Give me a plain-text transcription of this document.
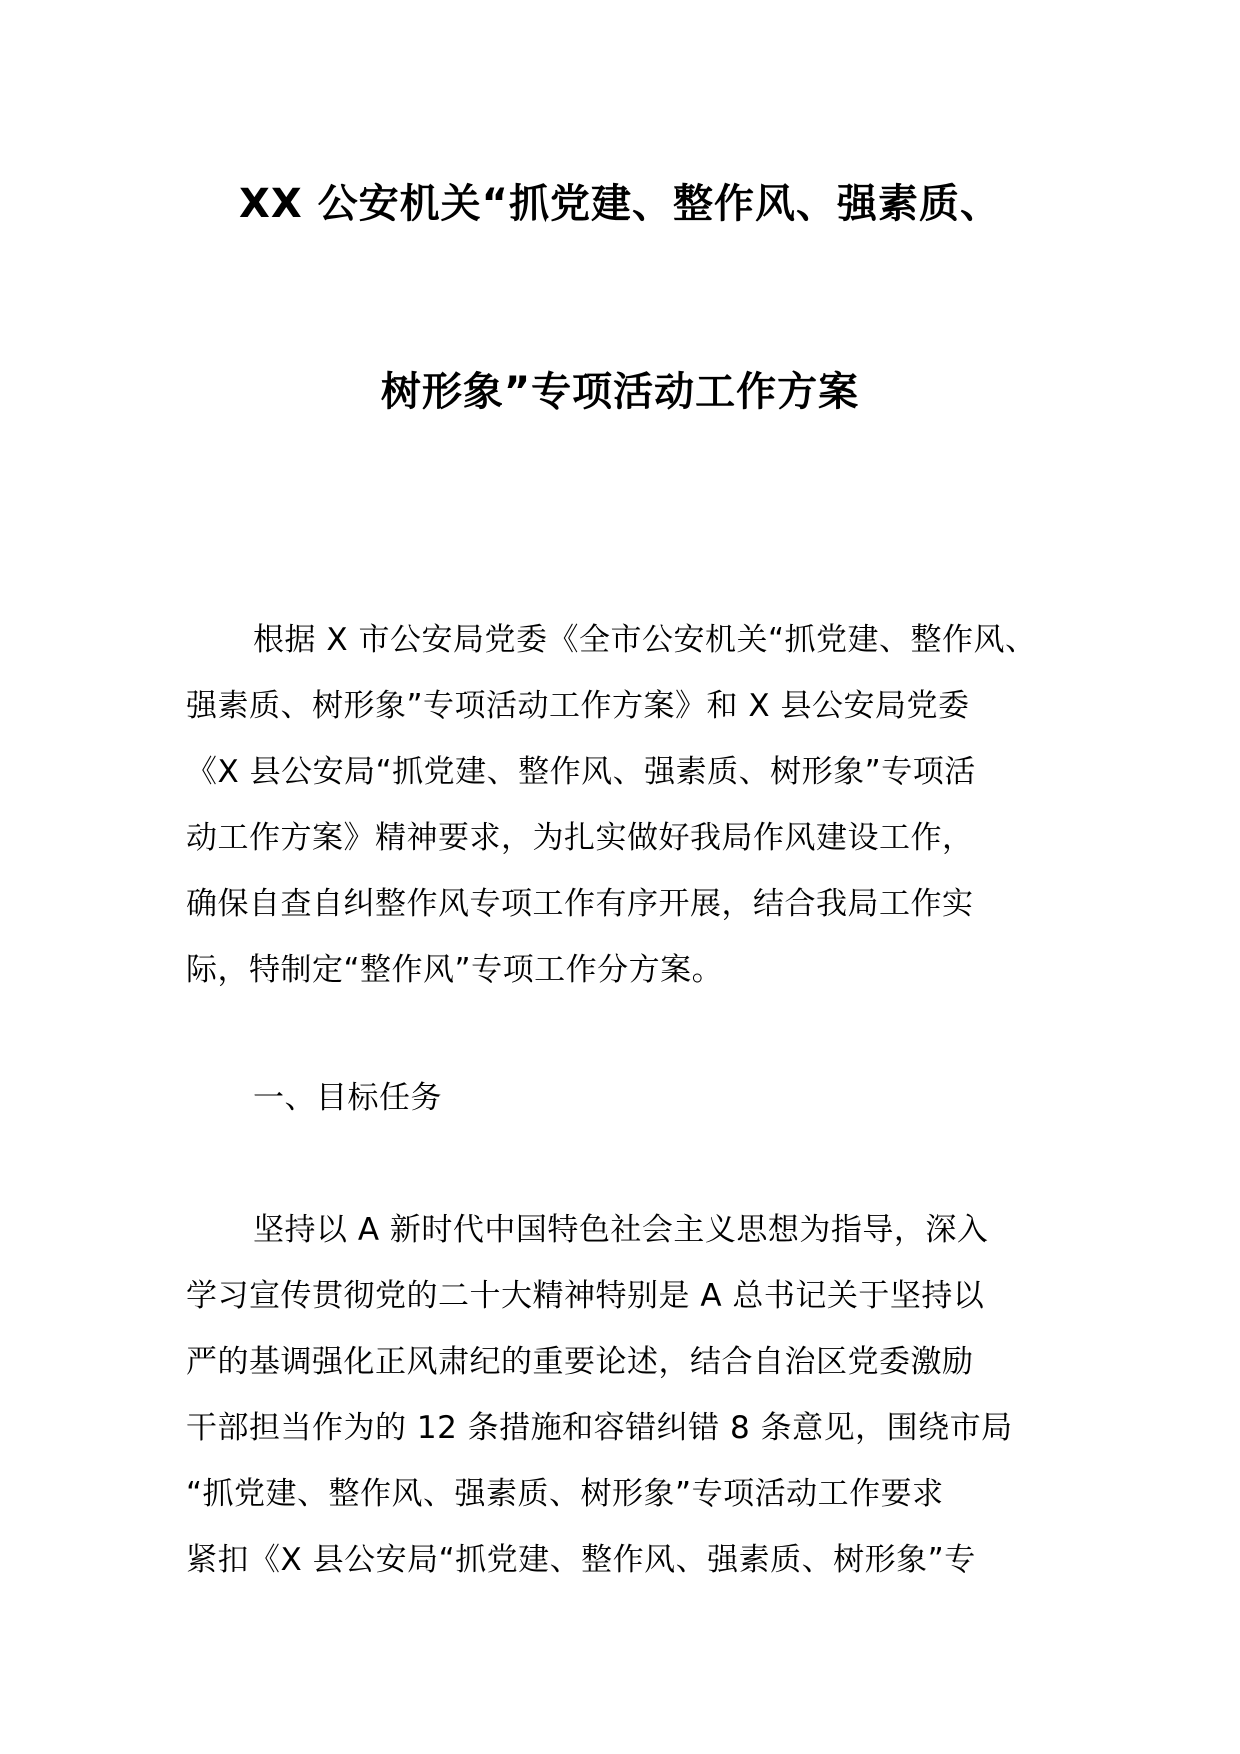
XX 公安机关“抓党建、整作风、强素质、
树形象”专项活动工作方案
根据 X 市公安局党委《全市公安机关“抓党建、整作风、
强素质、树形象”专项活动工作方案》和 X 县公安局党委
《X 县公安局“抓党建、整作风、强素质、树形象”专项活
动工作方案》精神要求，为扎实做好我局作风建设工作，
确保自查自纠整作风专项工作有序开展，结合我局工作实
际，特制定“整作风”专项工作分方案。
一、目标任务
坚持以 A 新时代中国特色社会主义思想为指导，深入
学习宣传贯彻党的二十大精神特别是 A 总书记关于坚持以
严的基调强化正风肃纪的重要论述，结合自治区党委激励
干部担当作为的 12 条措施和容错纠错 8 条意见，围绕市局
“抓党建、整作风、强素质、树形象”专项活动工作要求
紧扣《X 县公安局“抓党建、整作风、强素质、树形象”专
